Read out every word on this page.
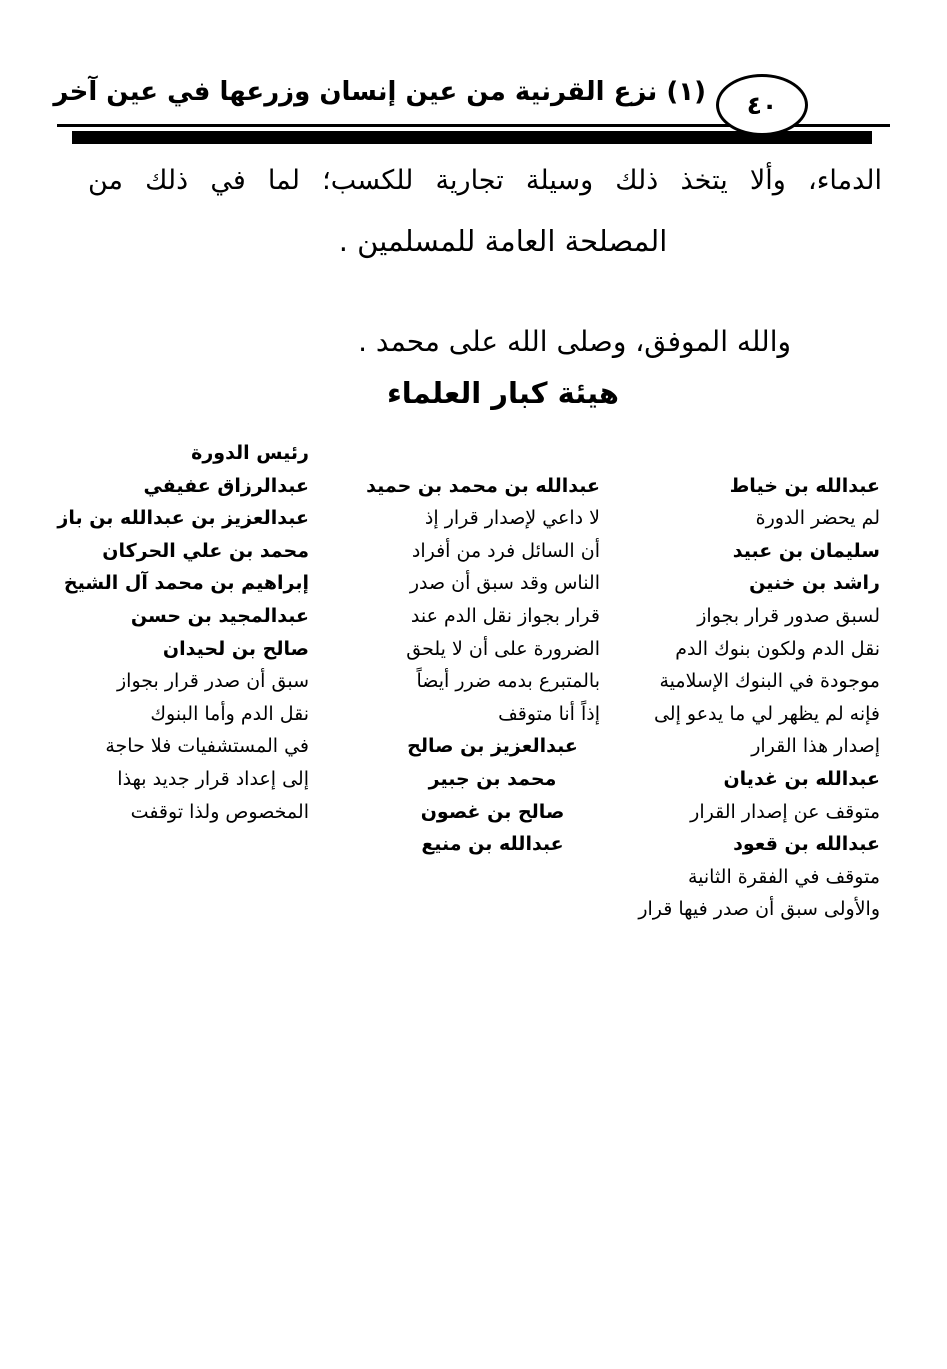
(١) نزع القرنية من عين إنسان وزرعها في عين آخر ٤٠
الدماء، وألا يتخذ ذلك وسيلة تجارية للكسب؛ لما في ذلك من
المصلحة العامة للمسلمين .
والله الموفق، وصلى الله على محمد .
هيئة كبار العلماء
عبدالله بن خياط
لم يحضر الدورة
سليمان بن عبيد
راشد بن خنين
لسبق صدور قرار بجواز
نقل الدم ولكون بنوك الدم
موجودة في البنوك الإسلامية
فإنه لم يظهر لي ما يدعو إلى
إصدار هذا القرار
عبدالله بن غديان
متوقف عن إصدار القرار
عبدالله بن قعود
متوقف في الفقرة الثانية
والأولى سبق أن صدر فيها قرار
عبدالله بن محمد بن حميد
لا داعي لإصدار قرار إذ
أن السائل فرد من أفراد
الناس وقد سبق أن صدر
قرار بجواز نقل الدم عند
الضرورة على أن لا يلحق
بالمتبرع بدمه ضرر أيضاً
إذاً أنا متوقف
عبدالعزيز بن صالح
محمد بن جبير
صالح بن غصون
عبدالله بن منيع
رئيس الدورة
عبدالرزاق عفيفي
عبدالعزيز بن عبدالله بن باز
محمد بن علي الحركان
إبراهيم بن محمد آل الشيخ
عبدالمجيد بن حسن
صالح بن لحيدان
سبق أن صدر قرار بجواز
نقل الدم وأما البنوك
في المستشفيات فلا حاجة
إلى إعداد قرار جديد بهذا
المخصوص ولذا توقفت
